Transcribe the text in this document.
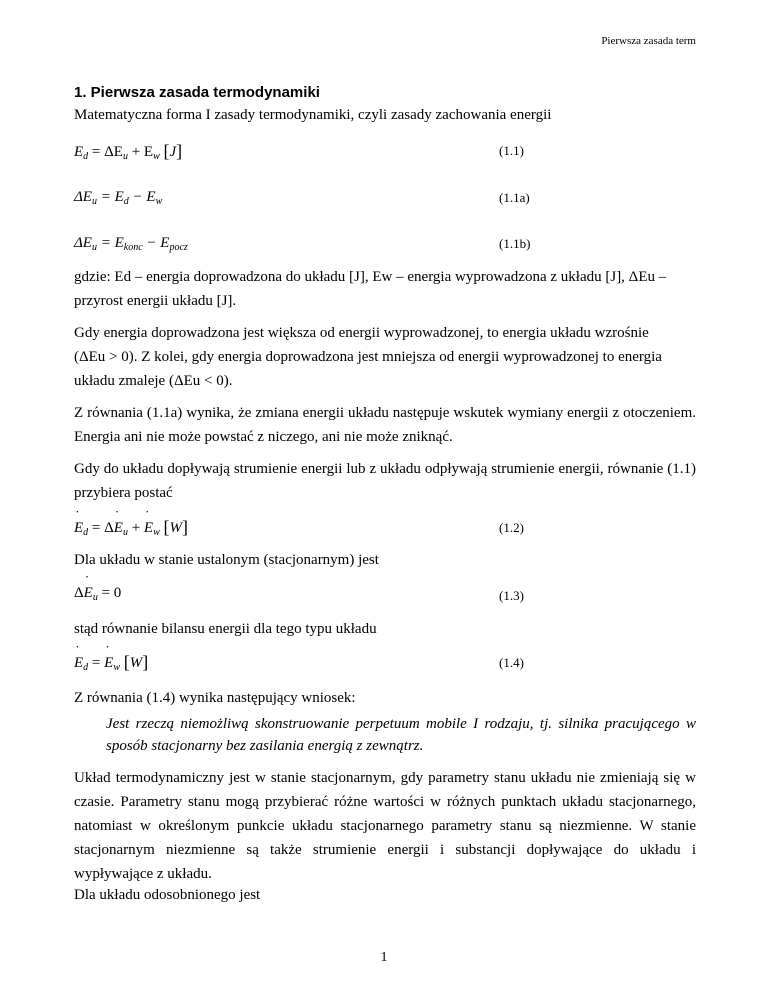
Pierwsza zasada term
1. Pierwsza zasada termodynamiki
Matematyczna forma I zasady termodynamiki, czyli zasady zachowania energii
$E_d = \Delta E_u + E_w$ [J]	(1.1)
$\Delta E_u = E_d - E_w$	(1.1a)
$\Delta E_u = E_{konc} - E_{pocz}$	(1.1b)
gdzie: Ed – energia doprowadzona do układu [J], Ew – energia wyprowadzona z układu [J], ΔEu –
przyrost energii układu [J].
Gdy energia doprowadzona jest większa od energii wyprowadzonej, to energia układu wzrośnie
(ΔEu > 0). Z kolei, gdy energia doprowadzona jest mniejsza od energii wyprowadzonej to energia
układu zmaleje (ΔEu < 0).
Z równania (1.1a) wynika, że zmiana energii układu następuje wskutek wymiany energii z otoczeniem. Energia ani nie może powstać z niczego, ani nie może zniknąć.
Gdy do układu dopływają strumienie energii lub z układu odpływają strumienie energii, równanie (1.1) przybiera postać
˙ $E_d$ = Δ˙ $E_u$ + ˙ $E_w$ [W]	(1.2)
Dla układu w stanie ustalonym (stacjonarnym) jest
Δ˙ $E_u = 0$	(1.3)
stąd równanie bilansu energii dla tego typu układu
˙ $E_d$ = ˙ $E_w$ [W]	(1.4)
Z równania (1.4) wynika następujący wniosek:
Jest rzeczą niemożliwą skonstruowanie perpetuum mobile I rodzaju, tj. silnika pracującego w sposób stacjonarny bez zasilania energią z zewnątrz.
Układ termodynamiczny jest w stanie stacjonarnym, gdy parametry stanu układu nie zmieniają się w czasie. Parametry stanu mogą przybierać różne wartości w różnych punktach układu stacjonarnego, natomiast w określonym punkcie układu stacjonarnego parametry stanu są niezmienne. W stanie stacjonarnym niezmienne są także strumienie energii i substancji dopływające do układu i wypływające z układu.
Dla układu odosobnionego jest
1
